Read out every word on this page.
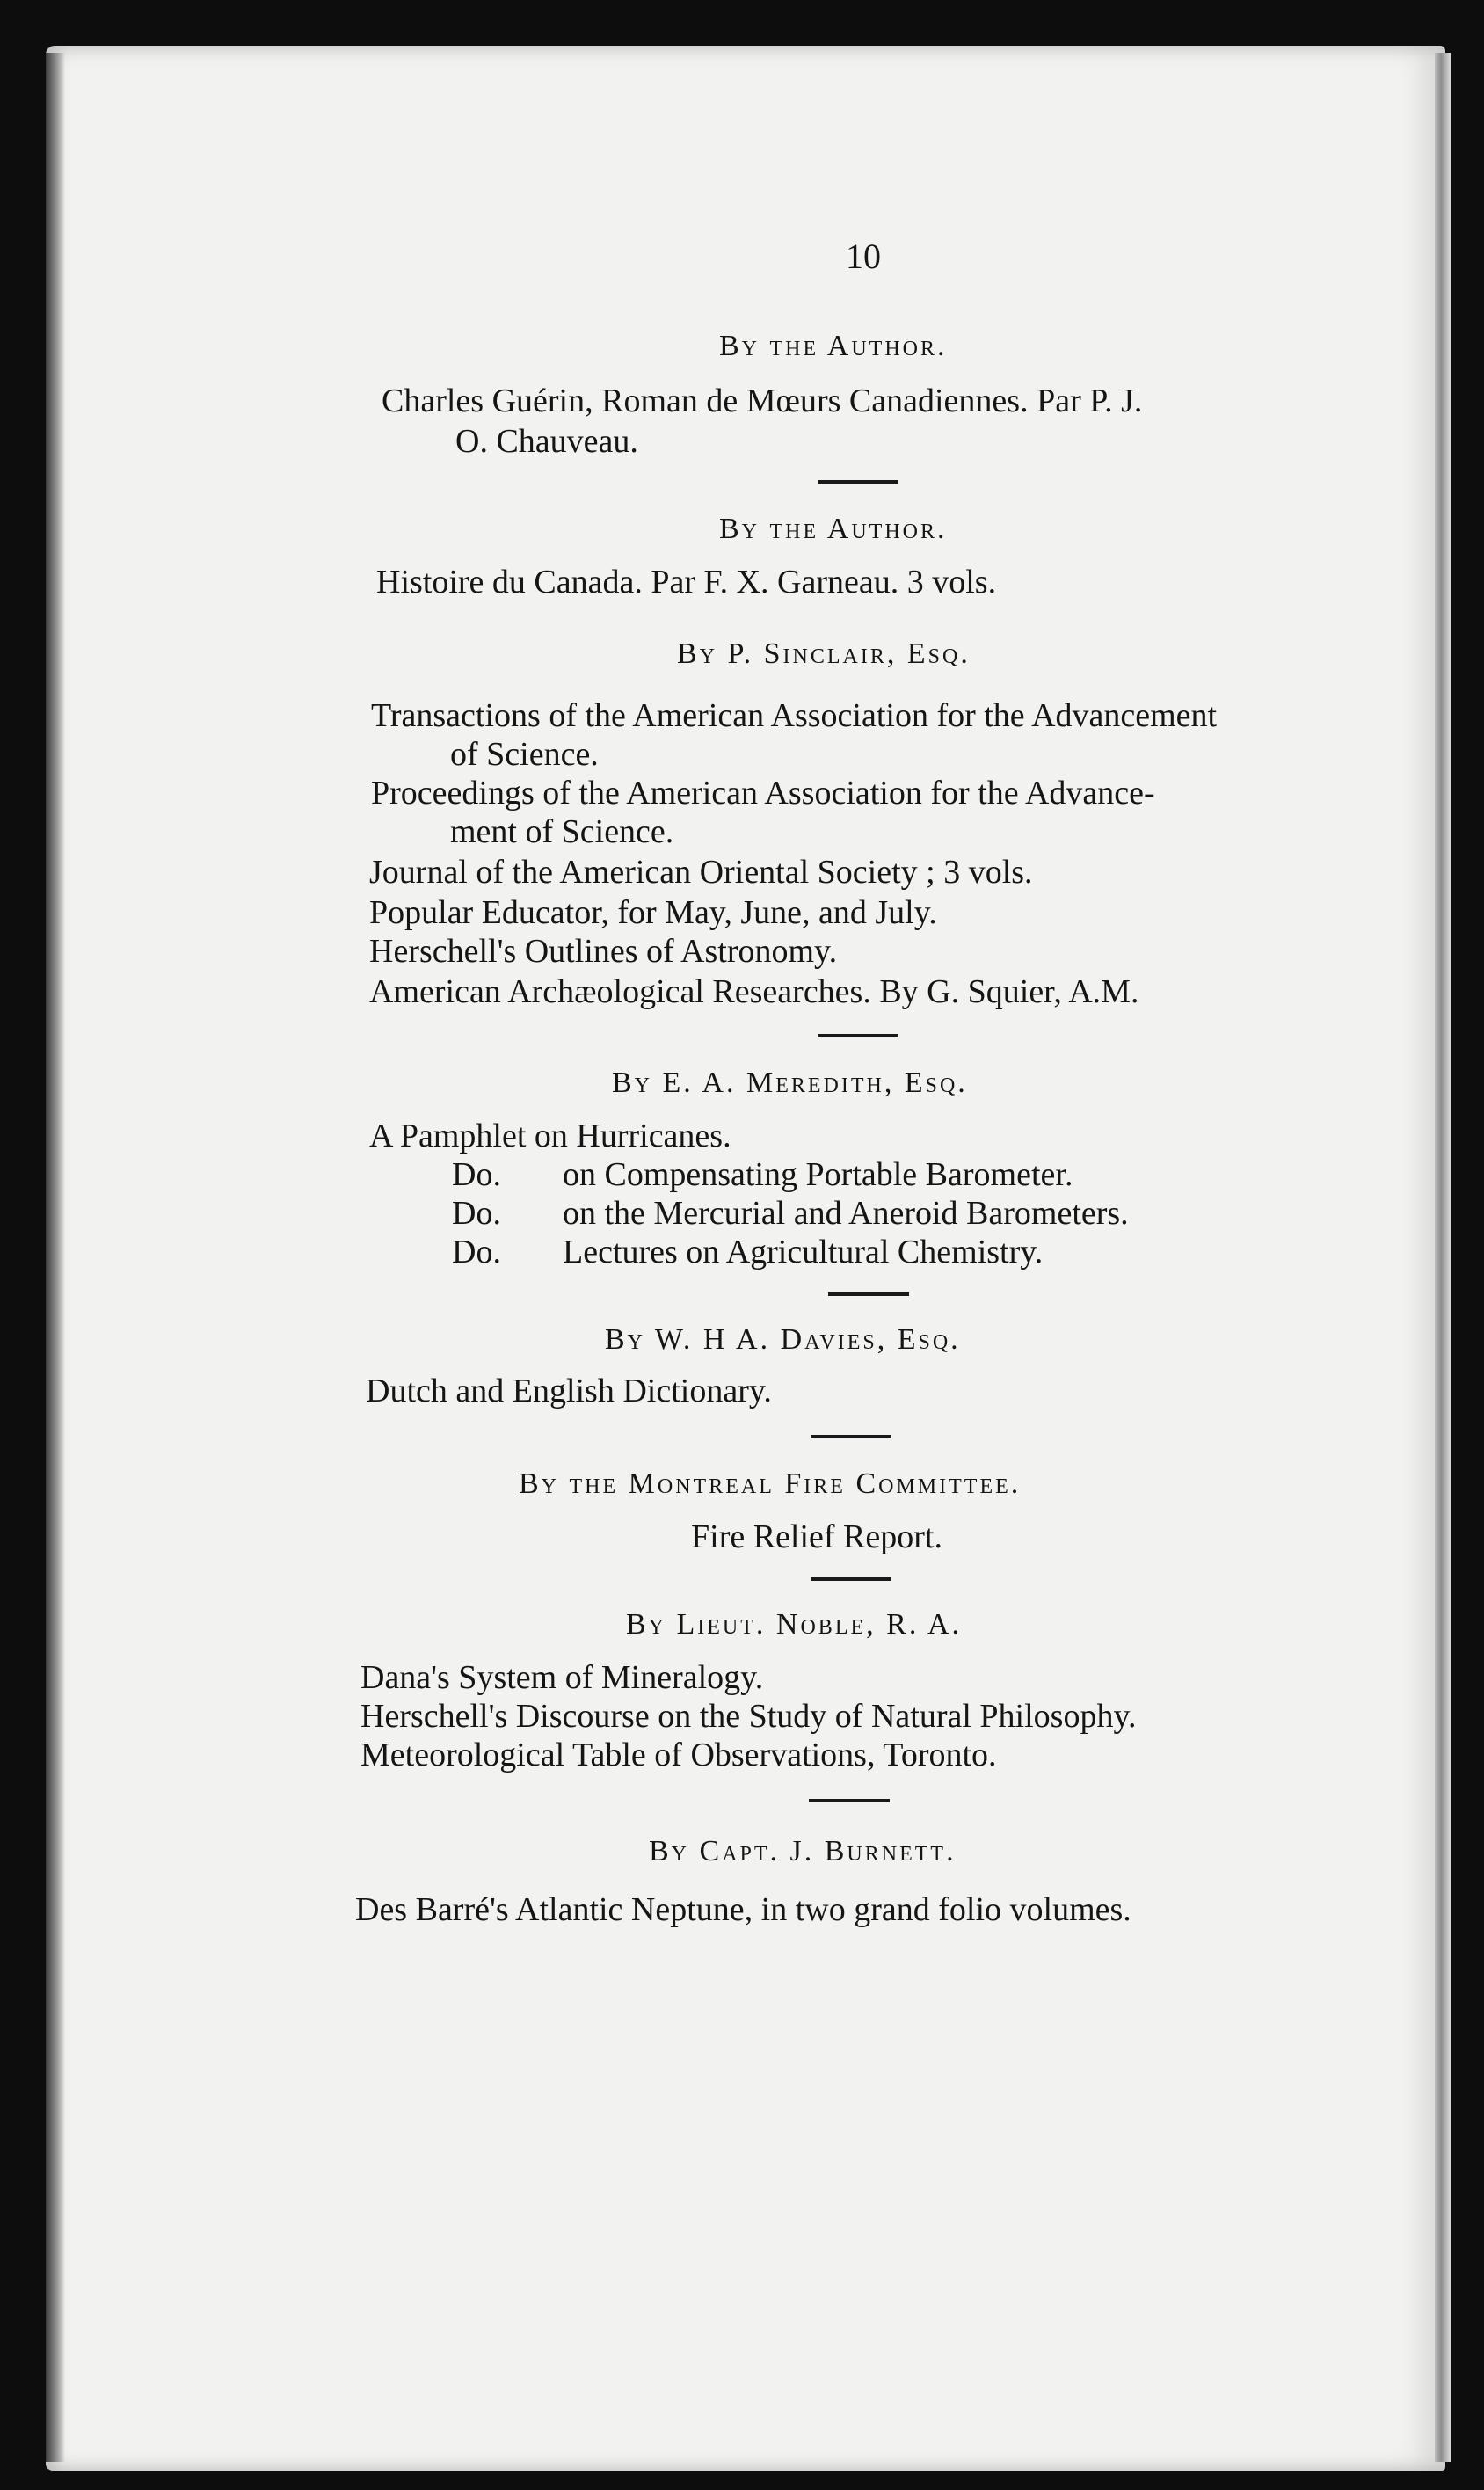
10
By the Author.
Charles Guérin, Roman de Mœurs Canadiennes. Par P. J.
O. Chauveau.
By the Author.
Histoire du Canada. Par F. X. Garneau. 3 vols.
By P. Sinclair, Esq.
Transactions of the American Association for the Advancement
of Science.
Proceedings of the American Association for the Advance-
ment of Science.
Journal of the American Oriental Society ; 3 vols.
Popular Educator, for May, June, and July.
Herschell's Outlines of Astronomy.
American Archæological Researches. By G. Squier, A.M.
By E. A. Meredith, Esq.
A Pamphlet on Hurricanes.
Do. on Compensating Portable Barometer.
Do. on the Mercurial and Aneroid Barometers.
Do. Lectures on Agricultural Chemistry.
By W. H A. Davies, Esq.
Dutch and English Dictionary.
By the Montreal Fire Committee.
Fire Relief Report.
By Lieut. Noble, R. A.
Dana's System of Mineralogy.
Herschell's Discourse on the Study of Natural Philosophy.
Meteorological Table of Observations, Toronto.
By Capt. J. Burnett.
Des Barré's Atlantic Neptune, in two grand folio volumes.
